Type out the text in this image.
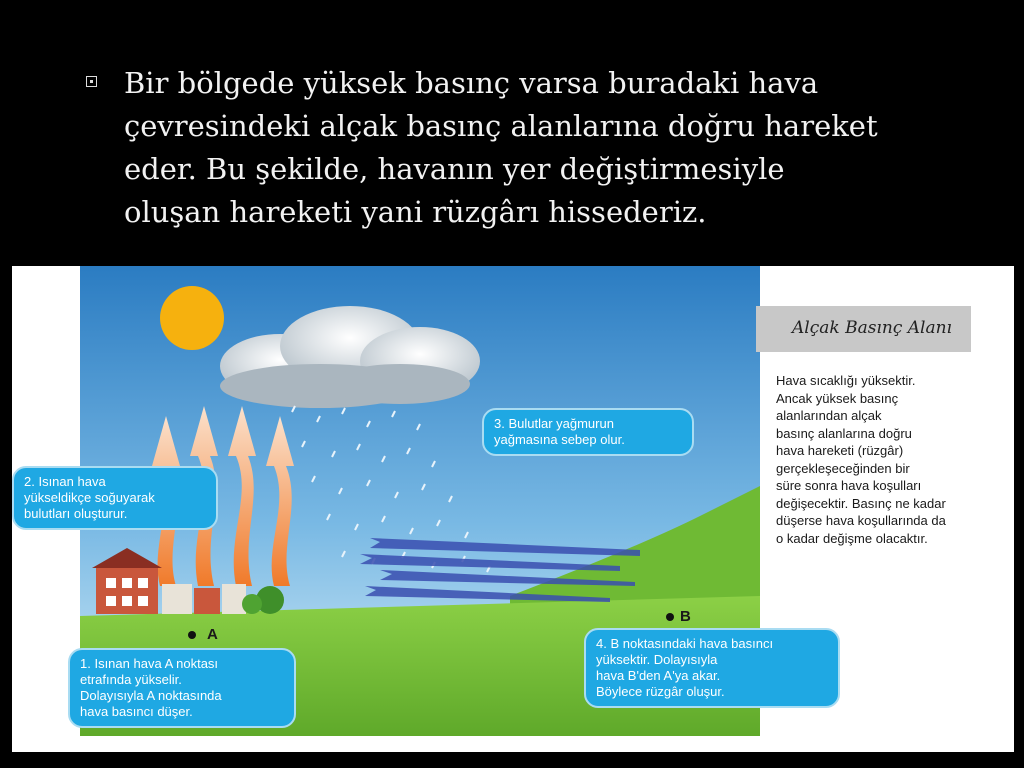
Bir bölgede yüksek basınç varsa buradaki hava
çevresindeki alçak basınç alanlarına doğru hareket
eder. Bu şekilde, havanın yer değiştirmesiyle
oluşan hareketi yani rüzgârı hissederiz.
A
B
2. Isınan hava
yükseldikçe soğuyarak
bulutları oluşturur.
3. Bulutlar yağmurun
yağmasına sebep olur.
1. Isınan hava A noktası
etrafında yükselir.
Dolayısıyla A noktasında
hava basıncı düşer.
4. B noktasındaki hava basıncı
yüksektir. Dolayısıyla
hava B'den A'ya akar.
Böylece rüzgâr oluşur.
Alçak Basınç Alanı
Hava sıcaklığı yüksektir.
Ancak yüksek basınç
alanlarından alçak
basınç alanlarına doğru
hava hareketi (rüzgâr)
gerçekleşeceğinden bir
süre sonra hava koşulları
değişecektir. Basınç ne kadar
düşerse hava koşullarında da
o kadar değişme olacaktır.
